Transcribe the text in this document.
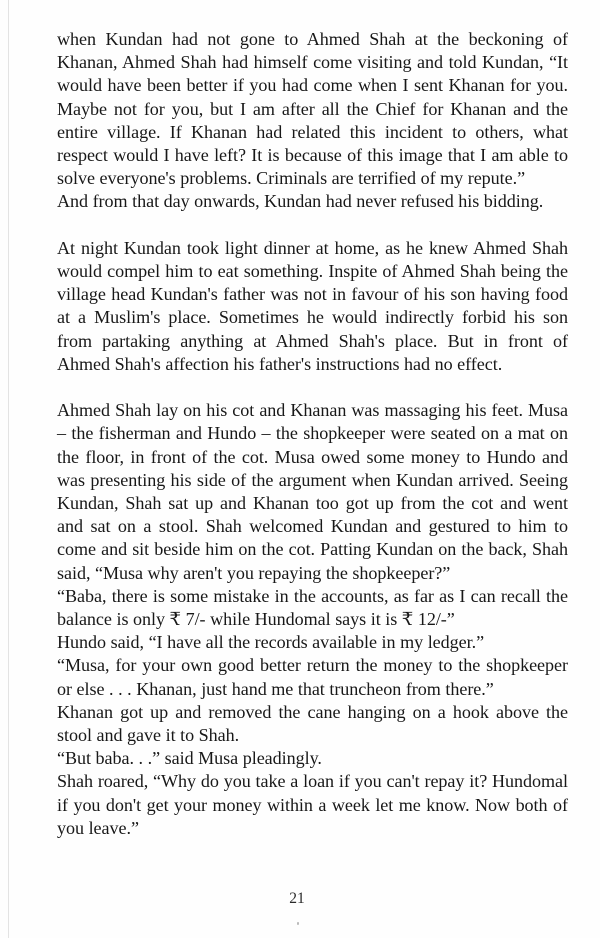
when Kundan had not gone to Ahmed Shah at the beckoning of Khanan, Ahmed Shah had himself come visiting and told Kundan, “It would have been better if you had come when I sent Khanan for you. Maybe not for you, but I am after all the Chief for Khanan and the entire village. If Khanan had related this incident to others, what respect would I have left? It is because of this image that I am able to solve everyone's problems. Criminals are terrified of my repute.”

And from that day onwards, Kundan had never refused his bidding.

At night Kundan took light dinner at home, as he knew Ahmed Shah would compel him to eat something. Inspite of Ahmed Shah being the village head Kundan's father was not in favour of his son having food at a Muslim's place. Sometimes he would indirectly forbid his son from partaking anything at Ahmed Shah's place. But in front of Ahmed Shah's affection his father's instructions had no effect.

Ahmed Shah lay on his cot and Khanan was massaging his feet. Musa – the fisherman and Hundo – the shopkeeper were seated on a mat on the floor, in front of the cot. Musa owed some money to Hundo and was presenting his side of the argument when Kundan arrived. Seeing Kundan, Shah sat up and Khanan too got up from the cot and went and sat on a stool. Shah welcomed Kundan and gestured to him to come and sit beside him on the cot. Patting Kundan on the back, Shah said, “Musa why aren't you repaying the shopkeeper?”

“Baba, there is some mistake in the accounts, as far as I can recall the balance is only ₹ 7/- while Hundomal says it is ₹ 12/-”

Hundo said, “I have all the records available in my ledger.”

“Musa, for your own good better return the money to the shopkeeper or else . . . Khanan, just hand me that truncheon from there.”

Khanan got up and removed the cane hanging on a hook above the stool and gave it to Shah.

“But baba. . .” said Musa pleadingly.

Shah roared, “Why do you take a loan if you can't repay it? Hundomal if you don't get your money within a week let me know. Now both of you leave.”

21
